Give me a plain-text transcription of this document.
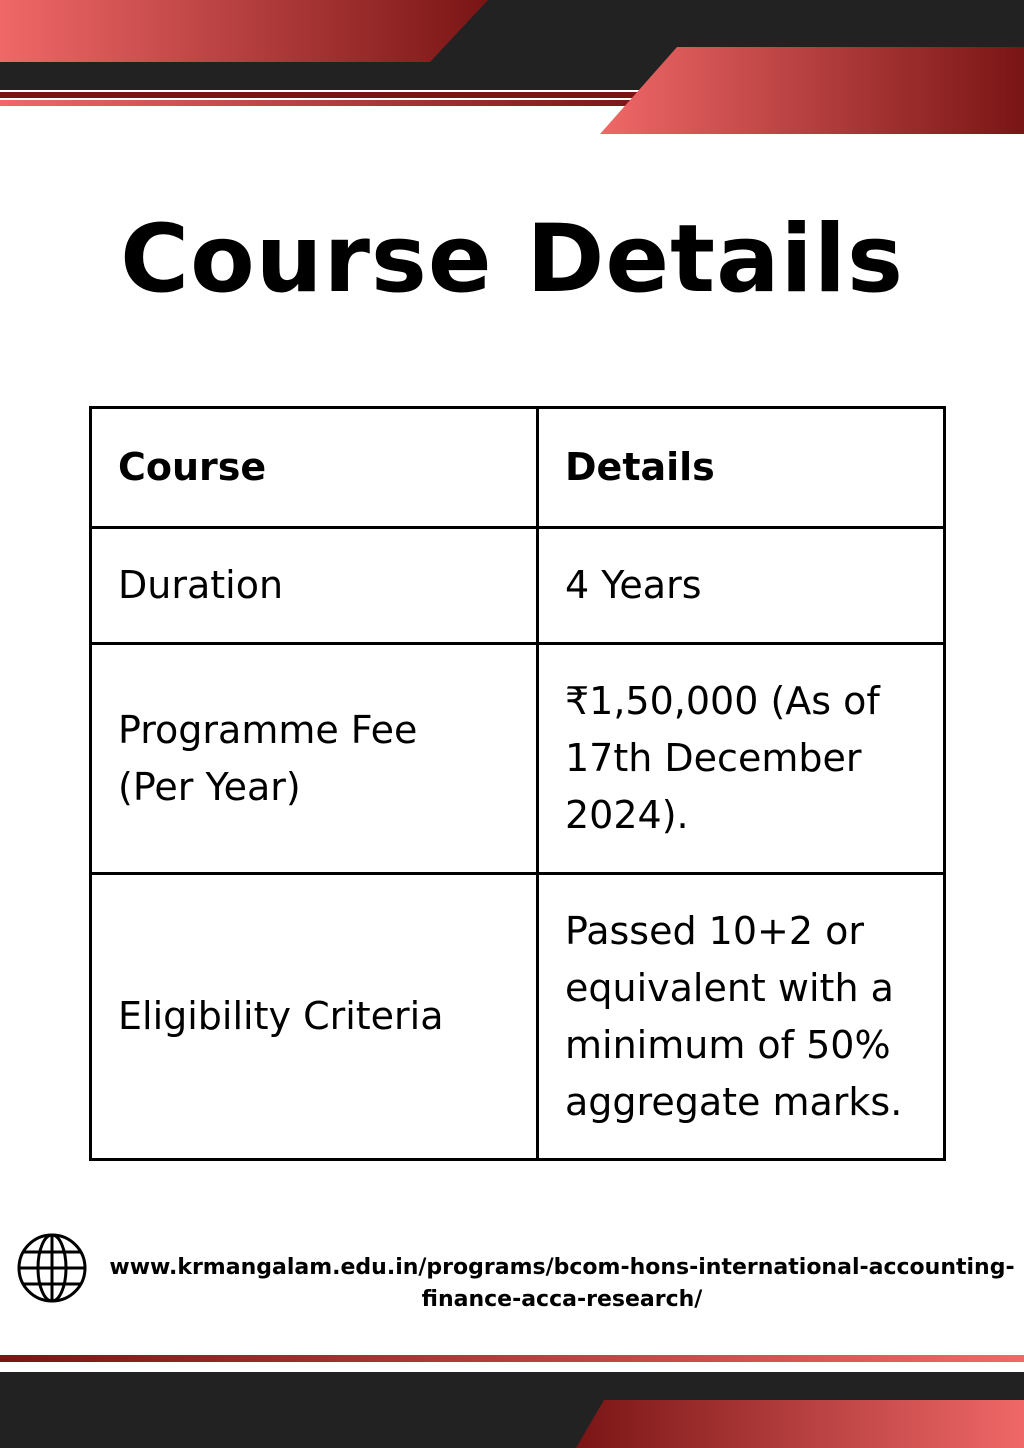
Course Details
Course	Details
Duration	4 Years
Programme Fee (Per Year)	₹1,50,000 (As of 17th December 2024).
Eligibility Criteria	Passed 10+2 or equivalent with a minimum of 50% aggregate marks.
www.krmangalam.edu.in/programs/bcom-hons-international-accounting-finance-acca-research/
